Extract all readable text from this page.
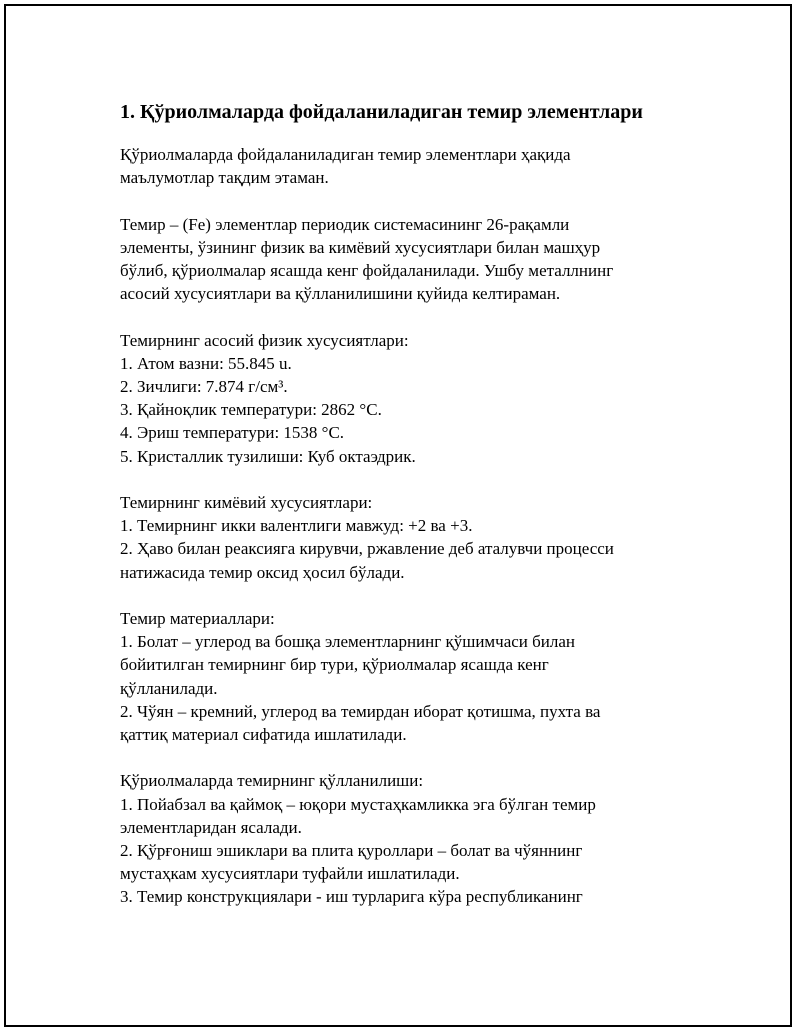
1. Қўриолмаларда фойдаланиладиган темир элементлари
Қўриолмаларда фойдаланиладиган темир элементлари ҳақида
маълумотлар тақдим этаман.
Темир – (Fe) элементлар периодик системасининг 26-рақамли
элементы, ўзининг физик ва кимёвий хусусиятлари билан машҳур
бўлиб, қўриолмалар ясашда кенг фойдаланилади. Ушбу металлнинг
асосий хусусиятлари ва қўлланилишини қуйида келтираман.
Темирнинг асосий физик хусусиятлари:
1. Атом вазни: 55.845 u.
2. Зичлиги: 7.874 г/см³.
3. Қайноқлик температури: 2862 °C.
4. Эриш температури: 1538 °C.
5. Кристаллик тузилиши: Куб октаэдрик.
Темирнинг кимёвий хусусиятлари:
1. Темирнинг икки валентлиги мавжуд: +2 ва +3.
2. Ҳаво билан реаксияга кирувчи, ржавление деб аталувчи процесси
натижасида темир оксид ҳосил бўлади.
Темир материаллари:
1. Болат – углерод ва бошқа элементларнинг қўшимчаси билан
бойитилган темирнинг бир тури, қўриолмалар ясашда кенг
қўлланилади.
2. Чўян – кремний, углерод ва темирдан иборат қотишма, пухта ва
қаттиқ материал сифатида ишлатилади.
Қўриолмаларда темирнинг қўлланилиши:
1. Пойабзал ва қаймоқ – юқори мустаҳкамликка эга бўлган темир
элементларидан ясалади.
2. Қўрғониш эшиклари ва плита қуроллари – болат ва чўяннинг
мустаҳкам хусусиятлари туфайли ишлатилади.
3. Темир конструкциялари - иш турларига кўра республиканинг
